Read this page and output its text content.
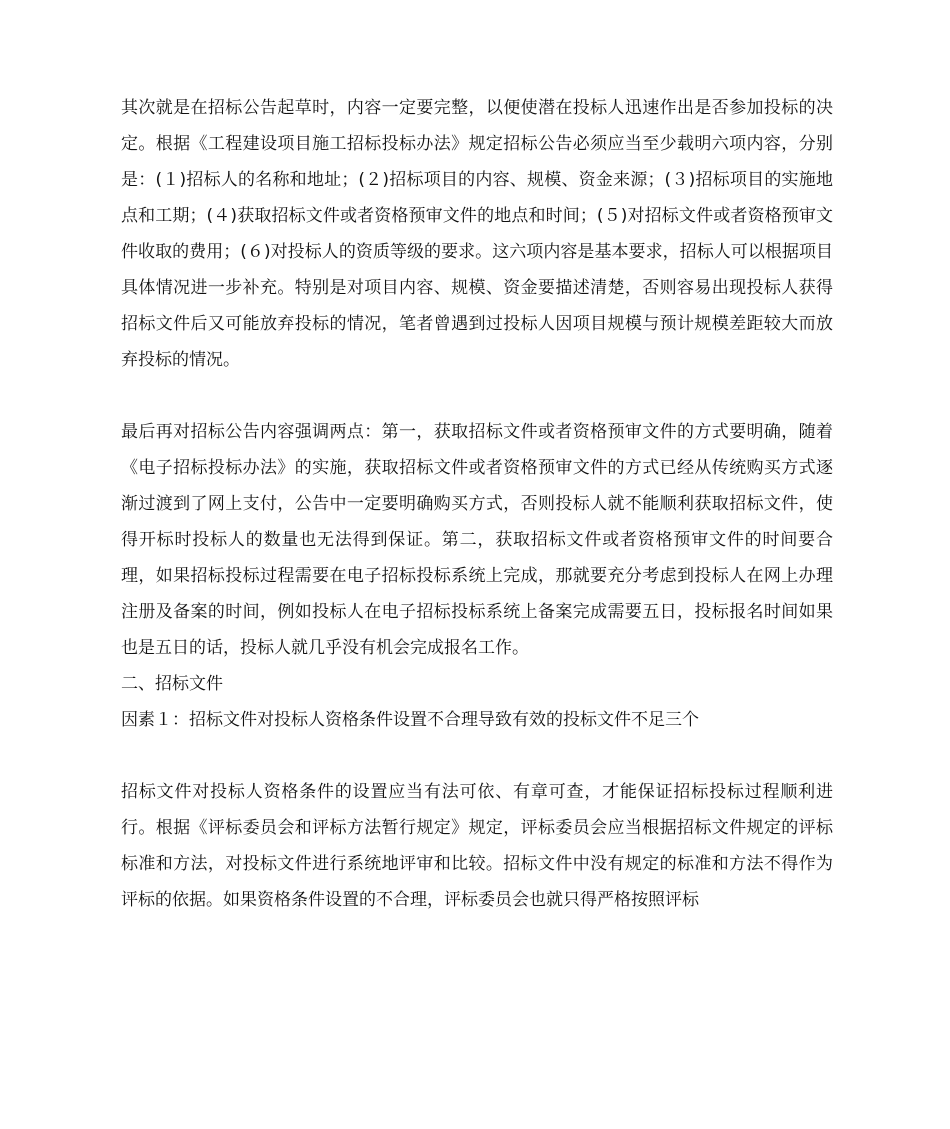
其次就是在招标公告起草时，内容一定要完整，以便使潜在投标人迅速作出是否参加投标的决定。根据《工程建设项目施工招标投标办法》规定招标公告必须应当至少载明六项内容，分别是：(１)招标人的名称和地址；(２)招标项目的内容、规模、资金来源；(３)招标项目的实施地点和工期；(４)获取招标文件或者资格预审文件的地点和时间；(５)对招标文件或者资格预审文件收取的费用；(６)对投标人的资质等级的要求。这六项内容是基本要求，招标人可以根据项目具体情况进一步补充。特别是对项目内容、规模、资金要描述清楚，否则容易出现投标人获得招标文件后又可能放弃投标的情况，笔者曾遇到过投标人因项目规模与预计规模差距较大而放弃投标的情况。

最后再对招标公告内容强调两点：第一，获取招标文件或者资格预审文件的方式要明确，随着《电子招标投标办法》的实施，获取招标文件或者资格预审文件的方式已经从传统购买方式逐渐过渡到了网上支付，公告中一定要明确购买方式，否则投标人就不能顺利获取招标文件，使得开标时投标人的数量也无法得到保证。第二，获取招标文件或者资格预审文件的时间要合理，如果招标投标过程需要在电子招标投标系统上完成，那就要充分考虑到投标人在网上办理注册及备案的时间，例如投标人在电子招标投标系统上备案完成需要五日，投标报名时间如果也是五日的话，投标人就几乎没有机会完成报名工作。

二、招标文件

因素１：招标文件对投标人资格条件设置不合理导致有效的投标文件不足三个

招标文件对投标人资格条件的设置应当有法可依、有章可查，才能保证招标投标过程顺利进行。根据《评标委员会和评标方法暂行规定》规定，评标委员会应当根据招标文件规定的评标标准和方法，对投标文件进行系统地评审和比较。招标文件中没有规定的标准和方法不得作为评标的依据。如果资格条件设置的不合理，评标委员会也就只得严格按照评标
